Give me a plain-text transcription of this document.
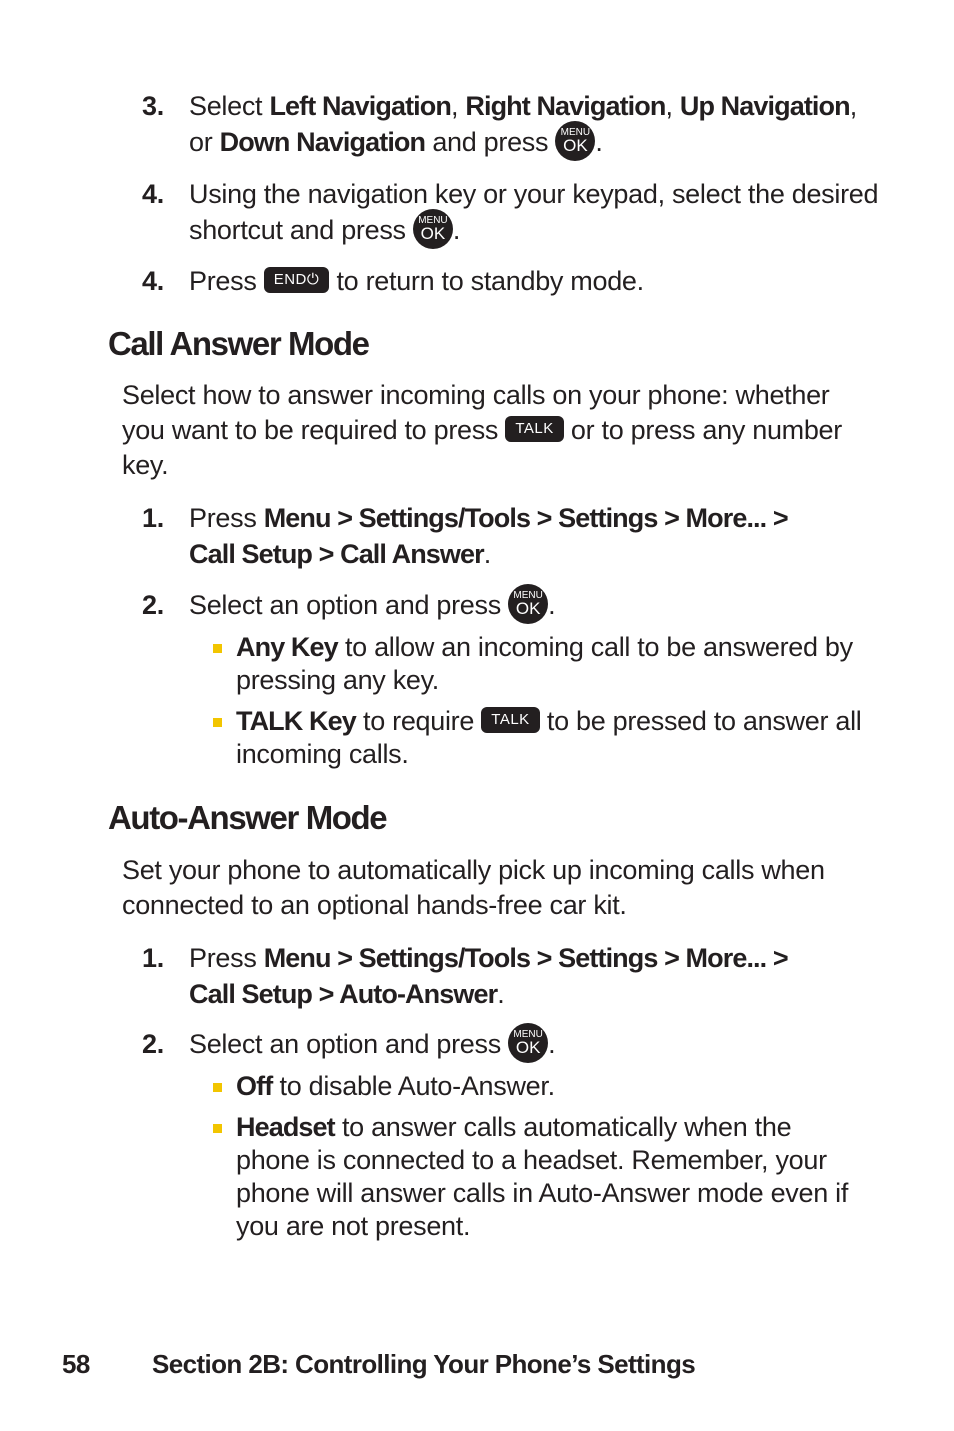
3. Select Left Navigation, Right Navigation, Up Navigation, or Down Navigation and press MENU
OK .
4. Using the navigation key or your keypad, select the desired shortcut and press MENU
OK .
4. Press END⏻ to return to standby mode.
Call Answer Mode
Select how to answer incoming calls on your phone: whether you want to be required to press TALK or to press any number key.
1. Press Menu > Settings/Tools > Settings > More... > Call Setup > Call Answer.
2. Select an option and press MENU
OK .
Any Key to allow an incoming call to be answered by pressing any key.
TALK Key to require TALK to be pressed to answer all incoming calls.
Auto-Answer Mode
Set your phone to automatically pick up incoming calls when connected to an optional hands-free car kit.
1. Press Menu > Settings/Tools > Settings > More... > Call Setup > Auto-Answer.
2. Select an option and press MENU
OK .
Off to disable Auto-Answer.
Headset to answer calls automatically when the phone is connected to a headset. Remember, your phone will answer calls in Auto-Answer mode even if you are not present.
58 Section 2B: Controlling Your Phone’s Settings
